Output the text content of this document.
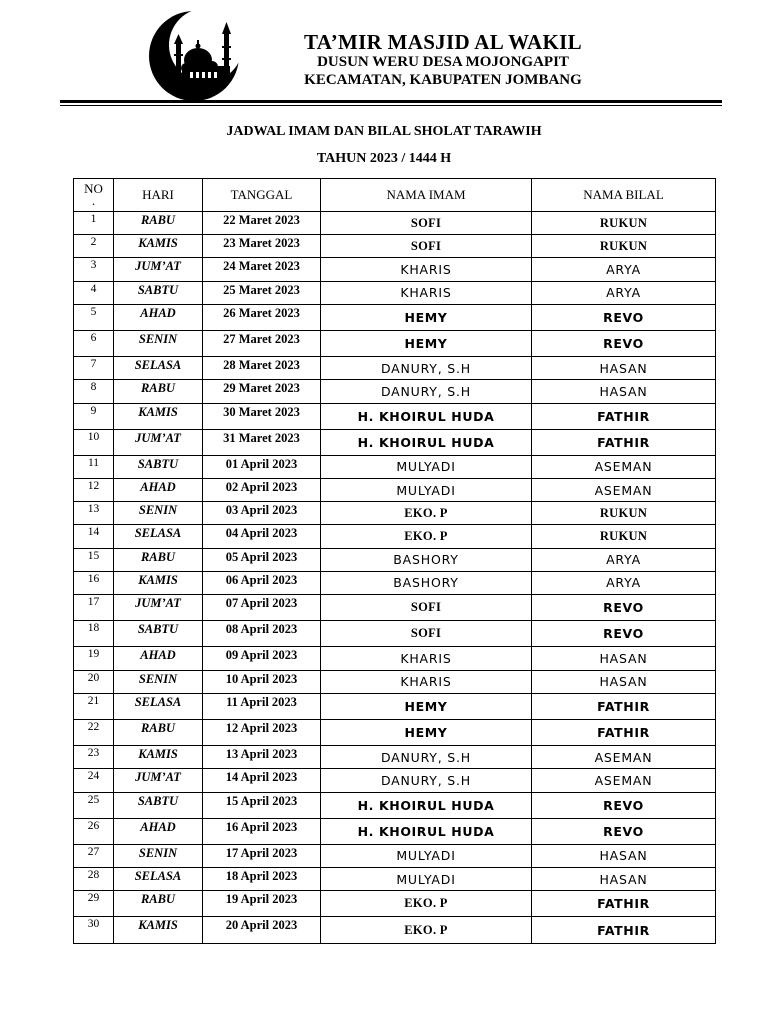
TA’MIR MASJID AL WAKIL
DUSUN WERU DESA MOJONGAPIT
KECAMATAN, KABUPATEN JOMBANG
JADWAL IMAM DAN BILAL SHOLAT TARAWIH
TAHUN 2023 / 1444 H
NO
.	HARI	TANGGAL	NAMA IMAM	NAMA BILAL
1	RABU	22 Maret 2023	SOFI	RUKUN
2	KAMIS	23 Maret 2023	SOFI	RUKUN
3	JUM’AT	24 Maret 2023	KHARIS	ARYA
4	SABTU	25 Maret 2023	KHARIS	ARYA
5	AHAD	26 Maret 2023	HEMY	REVO
6	SENIN	27 Maret 2023	HEMY	REVO
7	SELASA	28 Maret 2023	DANURY, S.H	HASAN
8	RABU	29 Maret 2023	DANURY, S.H	HASAN
9	KAMIS	30 Maret 2023	H. KHOIRUL HUDA	FATHIR
10	JUM’AT	31 Maret 2023	H. KHOIRUL HUDA	FATHIR
11	SABTU	01 April 2023	MULYADI	ASEMAN
12	AHAD	02 April 2023	MULYADI	ASEMAN
13	SENIN	03 April 2023	EKO. P	RUKUN
14	SELASA	04 April 2023	EKO. P	RUKUN
15	RABU	05 April 2023	BASHORY	ARYA
16	KAMIS	06 April 2023	BASHORY	ARYA
17	JUM’AT	07 April 2023	SOFI	REVO
18	SABTU	08 April 2023	SOFI	REVO
19	AHAD	09 April 2023	KHARIS	HASAN
20	SENIN	10 April 2023	KHARIS	HASAN
21	SELASA	11 April 2023	HEMY	FATHIR
22	RABU	12 April 2023	HEMY	FATHIR
23	KAMIS	13 April 2023	DANURY, S.H	ASEMAN
24	JUM’AT	14 April 2023	DANURY, S.H	ASEMAN
25	SABTU	15 April 2023	H. KHOIRUL HUDA	REVO
26	AHAD	16 April 2023	H. KHOIRUL HUDA	REVO
27	SENIN	17 April 2023	MULYADI	HASAN
28	SELASA	18 April 2023	MULYADI	HASAN
29	RABU	19 April 2023	EKO. P	FATHIR
30	KAMIS	20 April 2023	EKO. P	FATHIR
